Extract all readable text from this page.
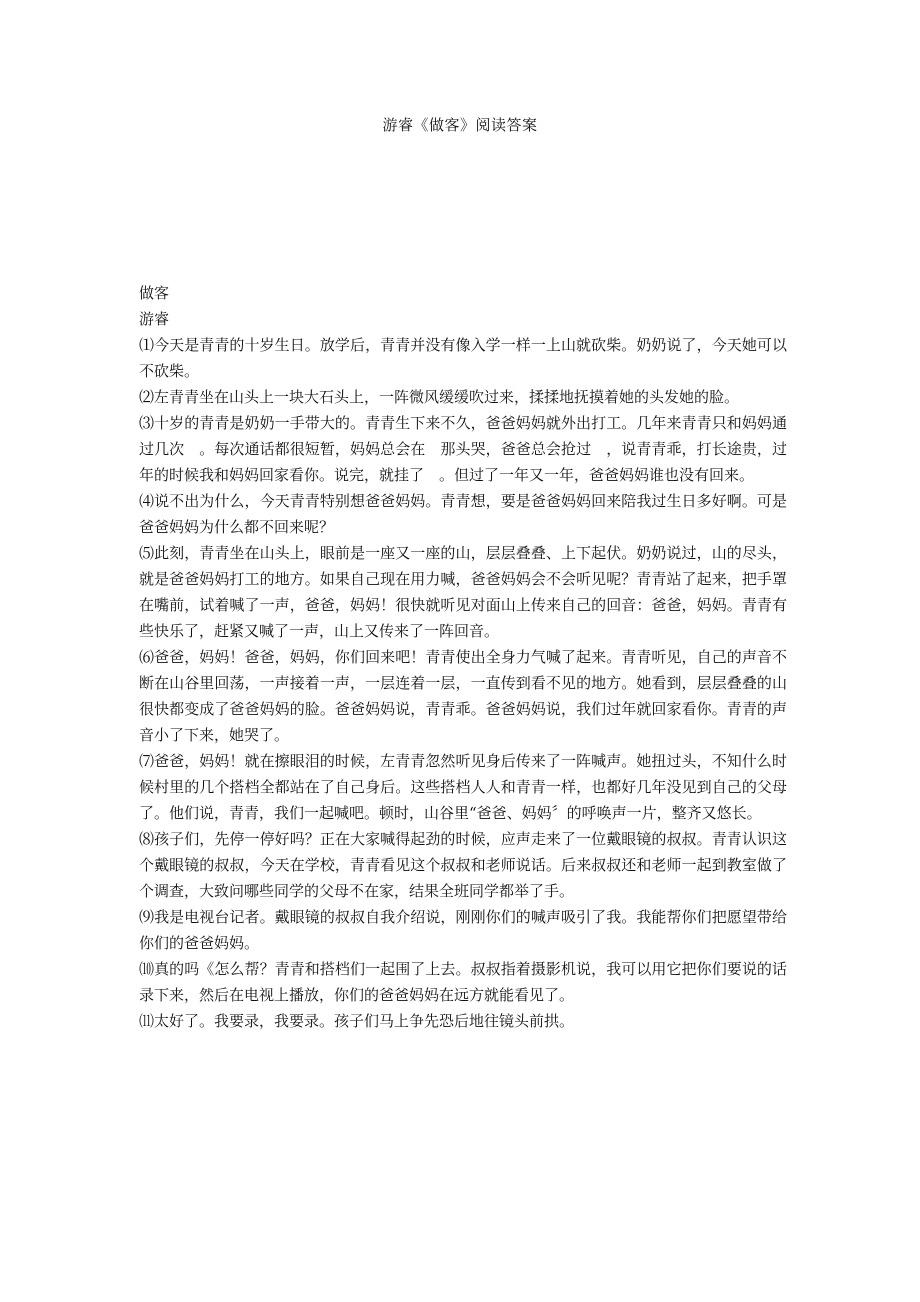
游睿《做客》阅读答案

做客

游睿

⑴今天是青青的十岁生日。放学后，青青并没有像入学一样一上山就砍柴。奶奶说了，今天她可以不砍柴。

⑵左青青坐在山头上一块大石头上，一阵微风缓缓吹过来，揉揉地抚摸着她的头发她的脸。

⑶十岁的青青是奶奶一手带大的。青青生下来不久，爸爸妈妈就外出打工。几年来青青只和妈妈通过几次　。每次通话都很短暂，妈妈总会在　那头哭，爸爸总会抢过　，说青青乖，打长途贵，过年的时候我和妈妈回家看你。说完，就挂了　。但过了一年又一年，爸爸妈妈谁也没有回来。

⑷说不出为什么，今天青青特别想爸爸妈妈。青青想，要是爸爸妈妈回来陪我过生日多好啊。可是爸爸妈妈为什么都不回来呢？

⑸此刻，青青坐在山头上，眼前是一座又一座的山，层层叠叠、上下起伏。奶奶说过，山的尽头，就是爸爸妈妈打工的地方。如果自己现在用力喊，爸爸妈妈会不会听见呢？青青站了起来，把手罩在嘴前，试着喊了一声，爸爸，妈妈！很快就听见对面山上传来自己的回音：爸爸，妈妈。青青有些快乐了，赶紧又喊了一声，山上又传来了一阵回音。

⑹爸爸，妈妈！爸爸，妈妈，你们回来吧！青青使出全身力气喊了起来。青青听见，自己的声音不断在山谷里回荡，一声接着一声，一层连着一层，一直传到看不见的地方。她看到，层层叠叠的山很快都变成了爸爸妈妈的脸。爸爸妈妈说，青青乖。爸爸妈妈说，我们过年就回家看你。青青的声音小了下来，她哭了。

⑺爸爸，妈妈！就在擦眼泪的时候，左青青忽然听见身后传来了一阵喊声。她扭过头，不知什么时候村里的几个搭档全都站在了自己身后。这些搭档人人和青青一样，也都好几年没见到自己的父母了。他们说，青青，我们一起喊吧。顿时，山谷里“爸爸、妈妈〞的呼唤声一片，整齐又悠长。

⑻孩子们，先停一停好吗？正在大家喊得起劲的时候，应声走来了一位戴眼镜的叔叔。青青认识这个戴眼镜的叔叔，今天在学校，青青看见这个叔叔和老师说话。后来叔叔还和老师一起到教室做了个调查，大致问哪些同学的父母不在家，结果全班同学都举了手。

⑼我是电视台记者。戴眼镜的叔叔自我介绍说，刚刚你们的喊声吸引了我。我能帮你们把愿望带给你们的爸爸妈妈。

⑽真的吗《怎么帮？青青和搭档们一起围了上去。叔叔指着摄影机说，我可以用它把你们要说的话录下来，然后在电视上播放，你们的爸爸妈妈在远方就能看见了。

⑾太好了。我要录，我要录。孩子们马上争先恐后地往镜头前拱。
